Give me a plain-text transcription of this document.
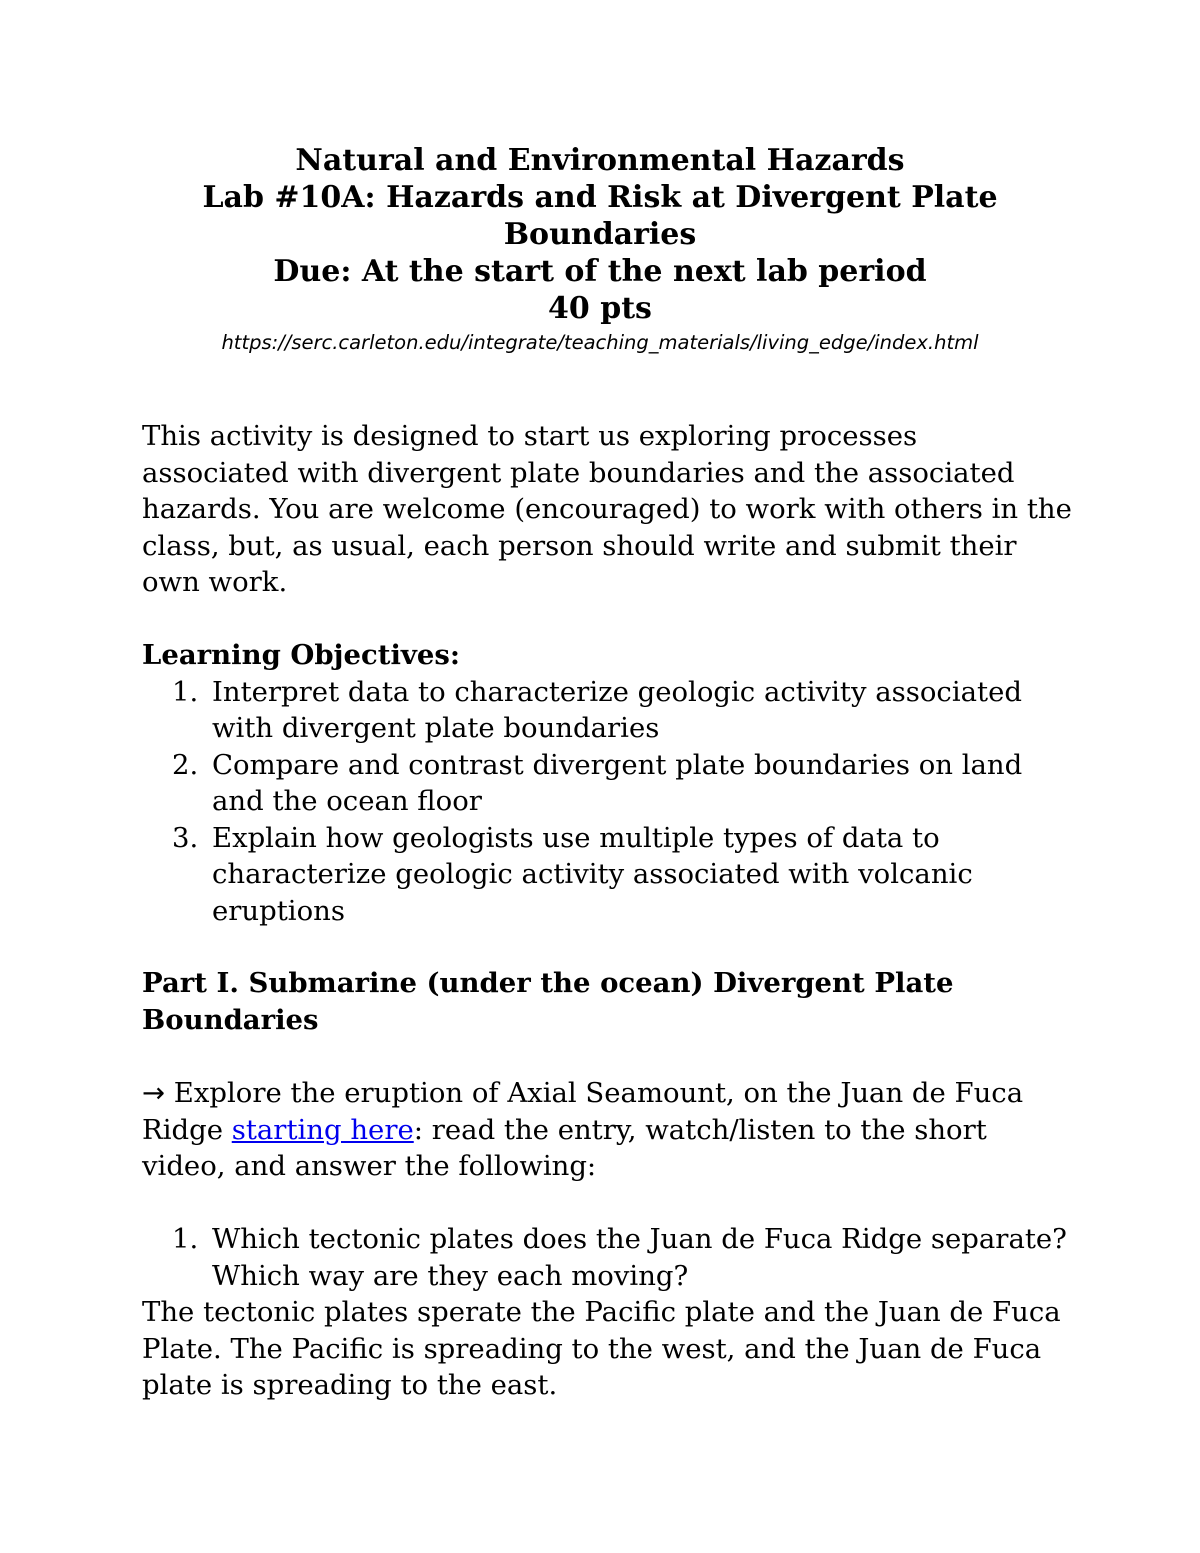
Natural and Environmental Hazards

Lab #10A: Hazards and Risk at Divergent Plate Boundaries

Due: At the start of the next lab period

40 pts

https://serc.carleton.edu/integrate/teaching_materials/living_edge/index.html

This activity is designed to start us exploring processes associated with divergent plate boundaries and the associated hazards. You are welcome (encouraged) to work with others in the class, but, as usual, each person should write and submit their own work.

Learning Objectives:

1. Interpret data to characterize geologic activity associated with divergent plate boundaries
2. Compare and contrast divergent plate boundaries on land and the ocean floor
3. Explain how geologists use multiple types of data to characterize geologic activity associated with volcanic eruptions

Part I. Submarine (under the ocean) Divergent Plate Boundaries

→ Explore the eruption of Axial Seamount, on the Juan de Fuca Ridge starting here: read the entry, watch/listen to the short video, and answer the following:

1. Which tectonic plates does the Juan de Fuca Ridge separate? Which way are they each moving?

The tectonic plates sperate the Pacific plate and the Juan de Fuca Plate. The Pacific is spreading to the west, and the Juan de Fuca plate is spreading to the east.
